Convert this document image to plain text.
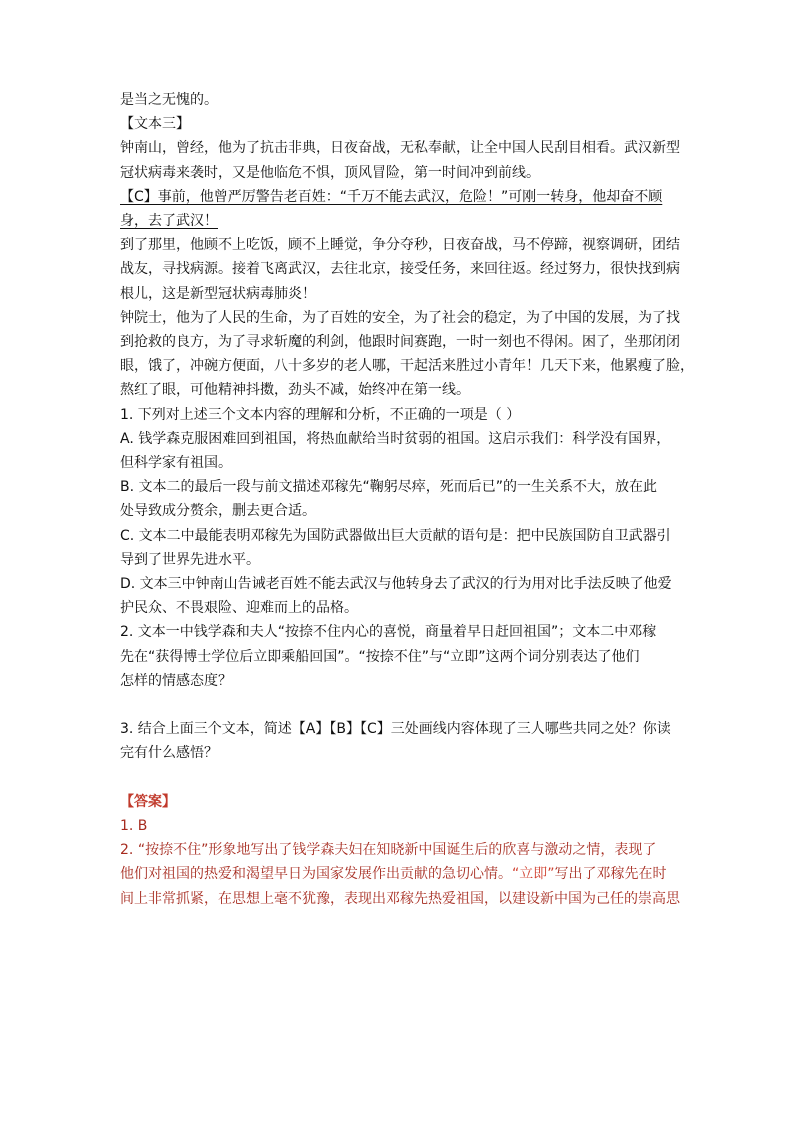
是当之无愧的。

【文本三】

钟南山，曾经，他为了抗击非典，日夜奋战，无私奉献，让全中国人民刮目相看。武汉新型

冠状病毒来袭时，又是他临危不惧，顶风冒险，第一时间冲到前线。

【C】事前，他曾严厉警告老百姓：“千万不能去武汉，危险！”可刚一转身，他却奋不顾

身，去了武汉！

到了那里，他顾不上吃饭，顾不上睡觉，争分夺秒，日夜奋战，马不停蹄，视察调研，团结

战友，寻找病源。接着飞离武汉，去往北京，接受任务，来回往返。经过努力，很快找到病

根儿，这是新型冠状病毒肺炎！

钟院士，他为了人民的生命，为了百姓的安全，为了社会的稳定，为了中国的发展，为了找

到抢救的良方，为了寻求斩魔的利剑，他跟时间赛跑，一时一刻也不得闲。困了，坐那闭闭

眼，饿了，冲碗方便面，八十多岁的老人哪，干起活来胜过小青年！几天下来，他累瘦了脸，

熬红了眼，可他精神抖擞，劲头不减，始终冲在第一线。

1. 下列对上述三个文本内容的理解和分析，不正确的一项是（ ）

A. 钱学森克服困难回到祖国，将热血献给当时贫弱的祖国。这启示我们：科学没有国界，

但科学家有祖国。

B. 文本二的最后一段与前文描述邓稼先“鞠躬尽瘁，死而后已”的一生关系不大，放在此

处导致成分赘余，删去更合适。

C. 文本二中最能表明邓稼先为国防武器做出巨大贡献的语句是：把中民族国防自卫武器引

导到了世界先进水平。

D. 文本三中钟南山告诫老百姓不能去武汉与他转身去了武汉的行为用对比手法反映了他爱

护民众、不畏艰险、迎难而上的品格。

2. 文本一中钱学森和夫人“按捺不住内心的喜悦，商量着早日赶回祖国”；文本二中邓稼

先在“获得博士学位后立即乘船回国”。“按捺不住”与“立即”这两个词分别表达了他们

怎样的情感态度？

3. 结合上面三个文本，简述【A】【B】【C】三处画线内容体现了三人哪些共同之处？你读

完有什么感悟？

【答案】

1. B

2. “按捺不住”形象地写出了钱学森夫妇在知晓新中国诞生后的欣喜与激动之情，表现了

他们对祖国的热爱和渴望早日为国家发展作出贡献的急切心情。“立即”写出了邓稼先在时

间上非常抓紧，在思想上毫不犹豫，表现出邓稼先热爱祖国，以建设新中国为己任的崇高思
